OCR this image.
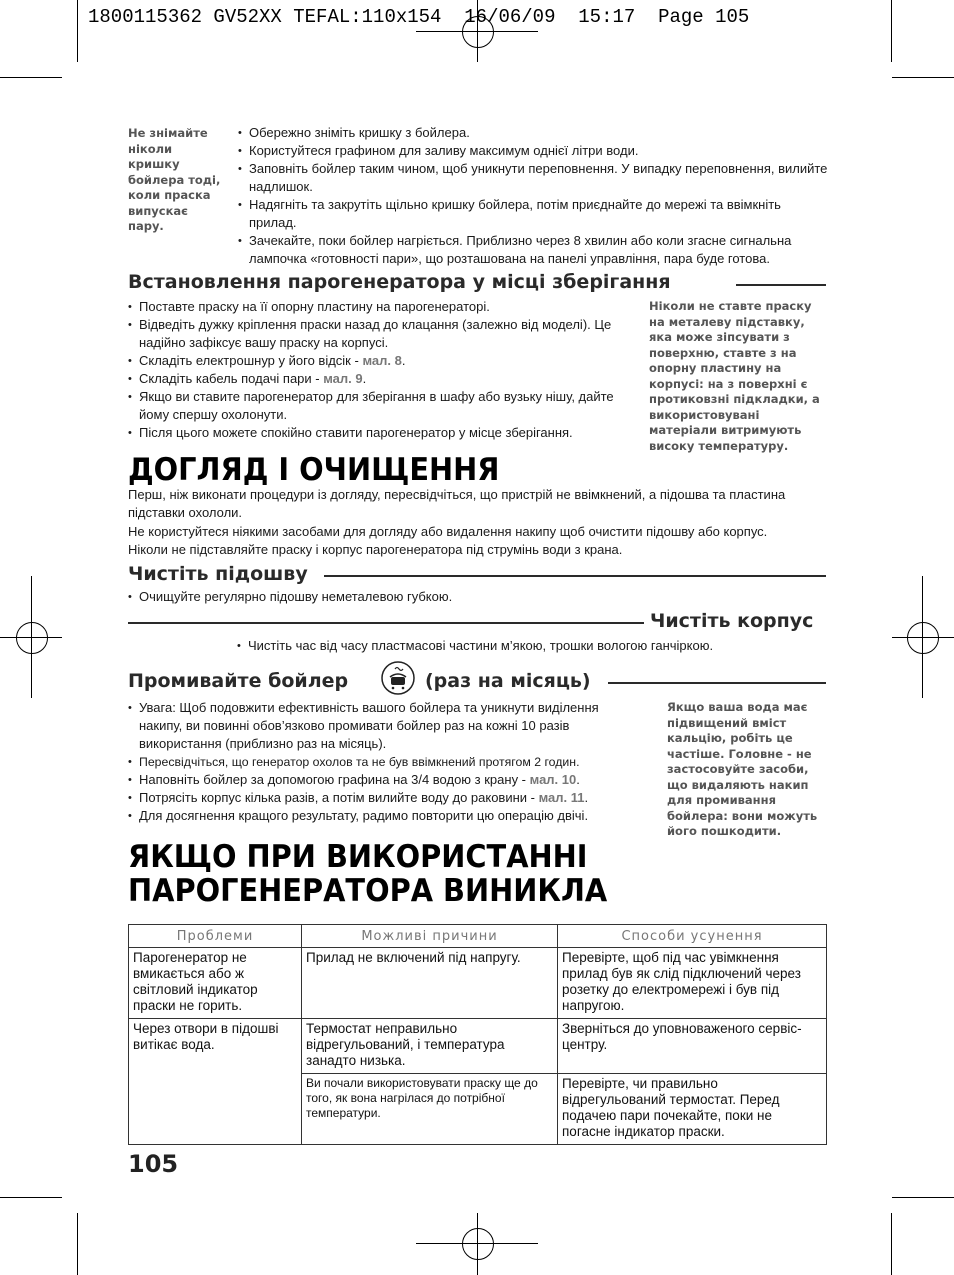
1800115362 GV52XX TEFAL:110x154  16/06/09  15:17  Page 105
Не знімайте ніколи кришку бойлера тоді, коли праска випускає пару.
• Обережно зніміть кришку з бойлера.
• Користуйтеся графином для заливу максимум однієї літри води.
• Заповніть бойлер таким чином, щоб уникнути переповнення. У випадку переповнення, вилийте надлишок.
• Надягніть та закрутіть щільно кришку бойлера, потім приєднайте до мережі та ввімкніть прилад.
• Зачекайте, поки бойлер нагріється. Приблизно через 8 хвилин або коли згасне сигнальна лампочка «готовності пари», що розташована на панелі управління, пара буде готова.
Встановлення парогенератора у місці зберігання
• Поставте праску на її опорну пластину на парогенераторі.
• Відведіть дужку кріплення праски назад до клацання (залежно від моделі). Це надійно зафіксує вашу праску на корпусі.
• Складіть електрошнур у його відсік - мал. 8.
• Складіть кабель подачі пари - мал. 9.
• Якщо ви ставите парогенератор для зберігання в шафу або вузьку нішу, дайте йому спершу охолонути.
• Після цього можете спокійно ставити парогенератор у місце зберігання.
Ніколи не ставте праску на металеву підставку, яка може зіпсувати з поверхню, ставте з на опорну пластину на корпусі: на з поверхні є протиковзні підкладки, а використовувані матеріали витримують високу температуру.
ДОГЛЯД І ОЧИЩЕННЯ
Перш, ніж виконати процедури із догляду, пересвідчіться, що пристрій не ввімкнений, а підошва та пластина підставки охололи.
Не користуйтеся ніякими засобами для догляду або видалення накипу щоб очистити підошву або корпус.
Ніколи не підставляйте праску і корпус парогенератора під струмінь води з крана.
Чистіть підошву
• Очищуйте регулярно підошву неметалевою губкою.
Чистіть корпус
• Чистіть час від часу пластмасові частини м’якою, трошки вологою ганчіркою.
Промивайте бойлер	(раз на місяць)
• Увага: Щоб подовжити ефективність вашого бойлера та уникнути виділення накипу, ви повинні обов’язково промивати бойлер раз на кожні 10 разів використання (приблизно раз на місяць).
• Пересвідчіться, що генератор охолов та не був ввімкнений протягом 2 годин.
• Наповніть бойлер за допомогою графина на 3/4 водою з крану - мал. 10.
• Потрясіть корпус кілька разів, а потім вилийте воду до раковини - мал. 11.
• Для досягнення кращого результату, радимо повторити цю операцію двічі.
Якщо ваша вода має підвищений вміст кальцію, робіть це частіше. Головне - не застосовуйте засоби, що видаляють накип для промивання бойлера: вони можуть його пошкодити.
ЯКЩО ПРИ ВИКОРИСТАННІ
ПАРОГЕНЕРАТОРА ВИНИКЛА
Проблеми	Можливі причини	Способи усунення
Парогенератор не вмикається або ж світловий індикатор праски не горить.	Прилад не включений під напругу.	Перевірте, щоб під час увімкнення прилад був як слід підключений через розетку до електромережі і був під напругою.
Через отвори в підошві витікає вода.	Термостат неправильно відрегульований, і температура занадто низька.	Зверніться до уповноваженого сервіс-центру.
	Ви почали використовувати праску ще до того, як вона нагрілася до потрібної температури.	Перевірте, чи правильно відрегульований термостат. Перед подачею пари почекайте, поки не погасне індикатор праски.
105
